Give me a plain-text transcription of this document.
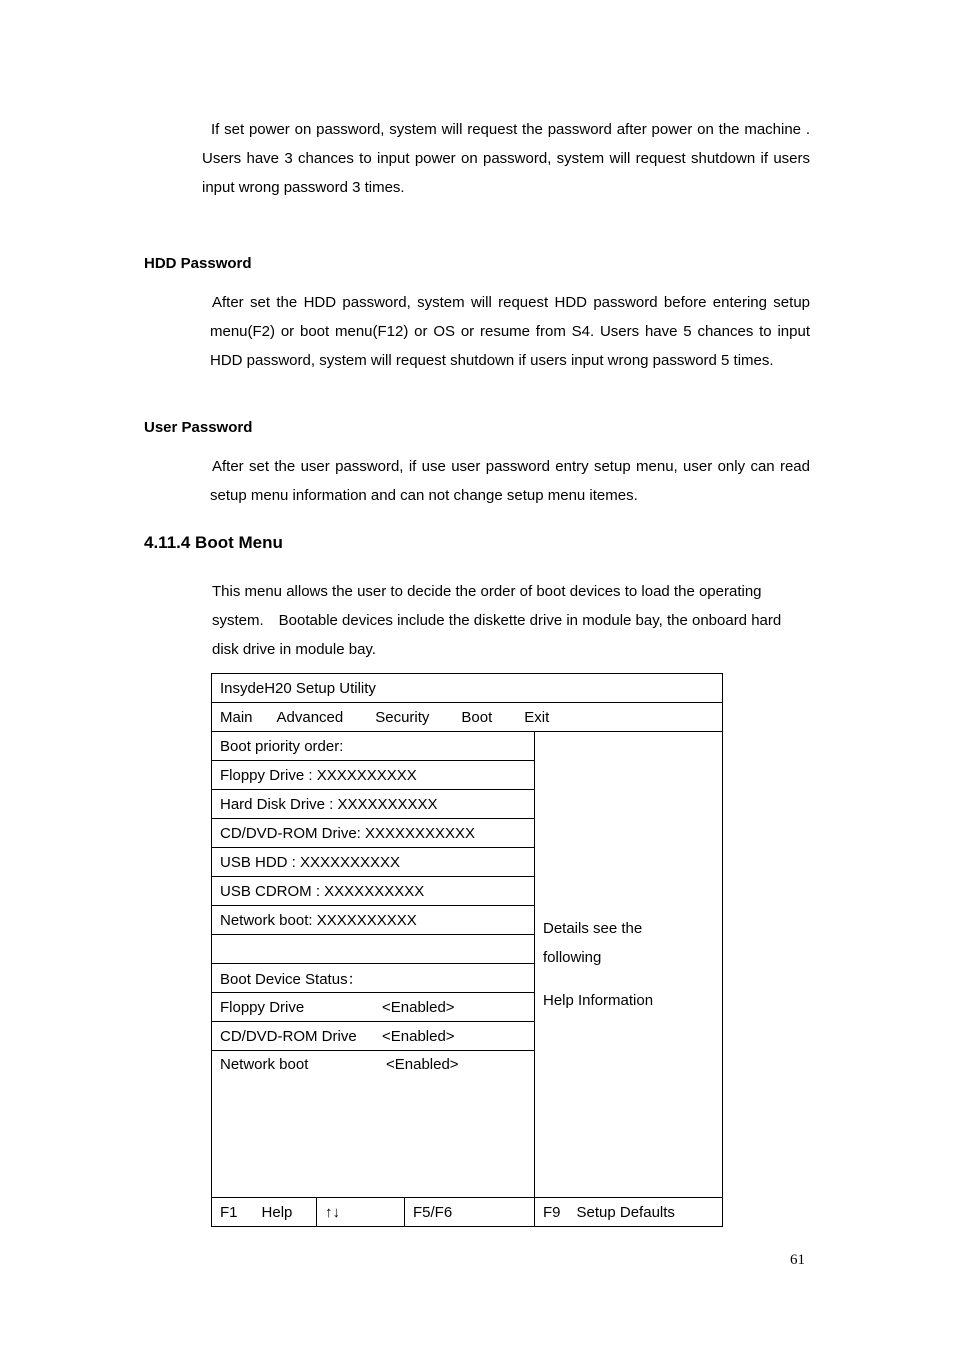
If set power on password, system will request the password after power on the machine . Users have 3 chances to input power on password, system will request shutdown if users input wrong password 3 times.

HDD Password

After set the HDD password, system will request HDD password before entering setup menu(F2) or boot menu(F12) or OS or resume from S4. Users have 5 chances to input HDD password, system will request shutdown if users input wrong password 5 times.

User Password

After set the user password, if use user password entry setup menu, user only can read setup menu information and can not change setup menu itemes.

4.11.4 Boot Menu

This menu allows the user to decide the order of boot devices to load the operating system.　Bootable devices include the diskette drive in module bay, the onboard hard disk drive in module bay.

InsydeH20 Setup Utility			
Main Advanced Security Boot Exit			
Boot priority order:			Details see the
following
Help Information

Floppy Drive : XXXXXXXXXX			
Hard Disk Drive : XXXXXXXXXX			
CD/DVD-ROM Drive: XXXXXXXXXXX			
USB HDD : XXXXXXXXXX			
USB CDROM : XXXXXXXXXX			
Network boot: XXXXXXXXXX			

Boot Device Status：			
Floppy Drive <Enabled>			
CD/DVD-ROM Drive <Enabled>			
Network boot <Enabled>			
F1 Help	↑↓	F5/F6	F9 Setup Defaults
61
